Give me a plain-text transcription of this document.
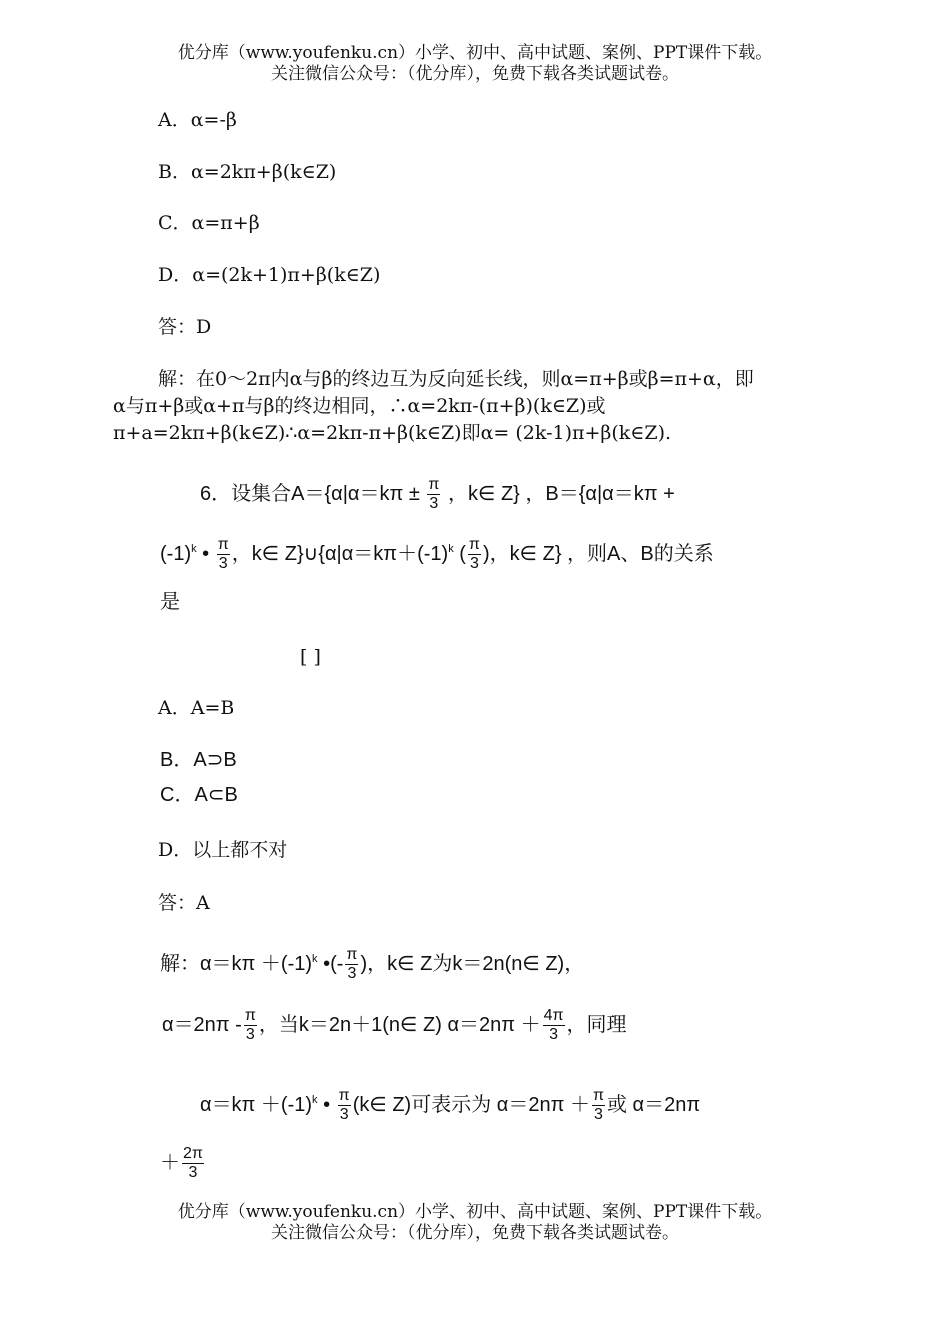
优分库（www.youfenku.cn）小学、初中、高中试题、案例、PPT课件下载。
关注微信公众号：（优分库），免费下载各类试题试卷。
A．α=-β
B．α=2kπ+β(k∈Z)
C．α=π+β
D．α=(2k+1)π+β(k∈Z)
答：D
解：在0～2π内α与β的终边互为反向延长线，则α=π+β或β=π+α，即
α与π+β或α+π与β的终边相同，∴α=2kπ-(π+β)(k∈Z)或
π+a=2kπ+β(k∈Z)∴α=2kπ-π+β(k∈Z)即α= (2k-1)π+β(k∈Z).
6．设集合$A=\{\alpha|\alpha=k\pi \pm \frac{\pi}{3}$ ，k∈ Z} ，B＝{α|α＝kπ +
$(-1)^k$ • $\frac{\pi}{3}$ ，k∈ $Z\}\cup\{\alpha|\alpha=k\pi+(-1)^k$ ( $\frac{\pi}{3}$ )，k∈ Z} ，则A、B的关系
是
[ ]
A．A=B
B．A⊃B
C．A⊂B
D．以上都不对
答：A
解：$\alpha=k\pi +(-1)^k$ •(- $\frac{\pi}{3}$ )，k∈ Z为k＝2n(n∈ Z)，
$\alpha=2n\pi - \frac{\pi}{3}$ ，当k＝2n＋1(n∈ Z) $\alpha=2n\pi + \frac{4\pi}{3}$ ，同理
$\alpha=k\pi +(-1)^k$ • $\frac{\pi}{3}$ (k∈ Z)可表示为 $\alpha=2n\pi + \frac{\pi}{3}$ 或 α＝2nπ
＋ $\frac{2\pi}{3}$
优分库（www.youfenku.cn）小学、初中、高中试题、案例、PPT课件下载。
关注微信公众号：（优分库），免费下载各类试题试卷。
